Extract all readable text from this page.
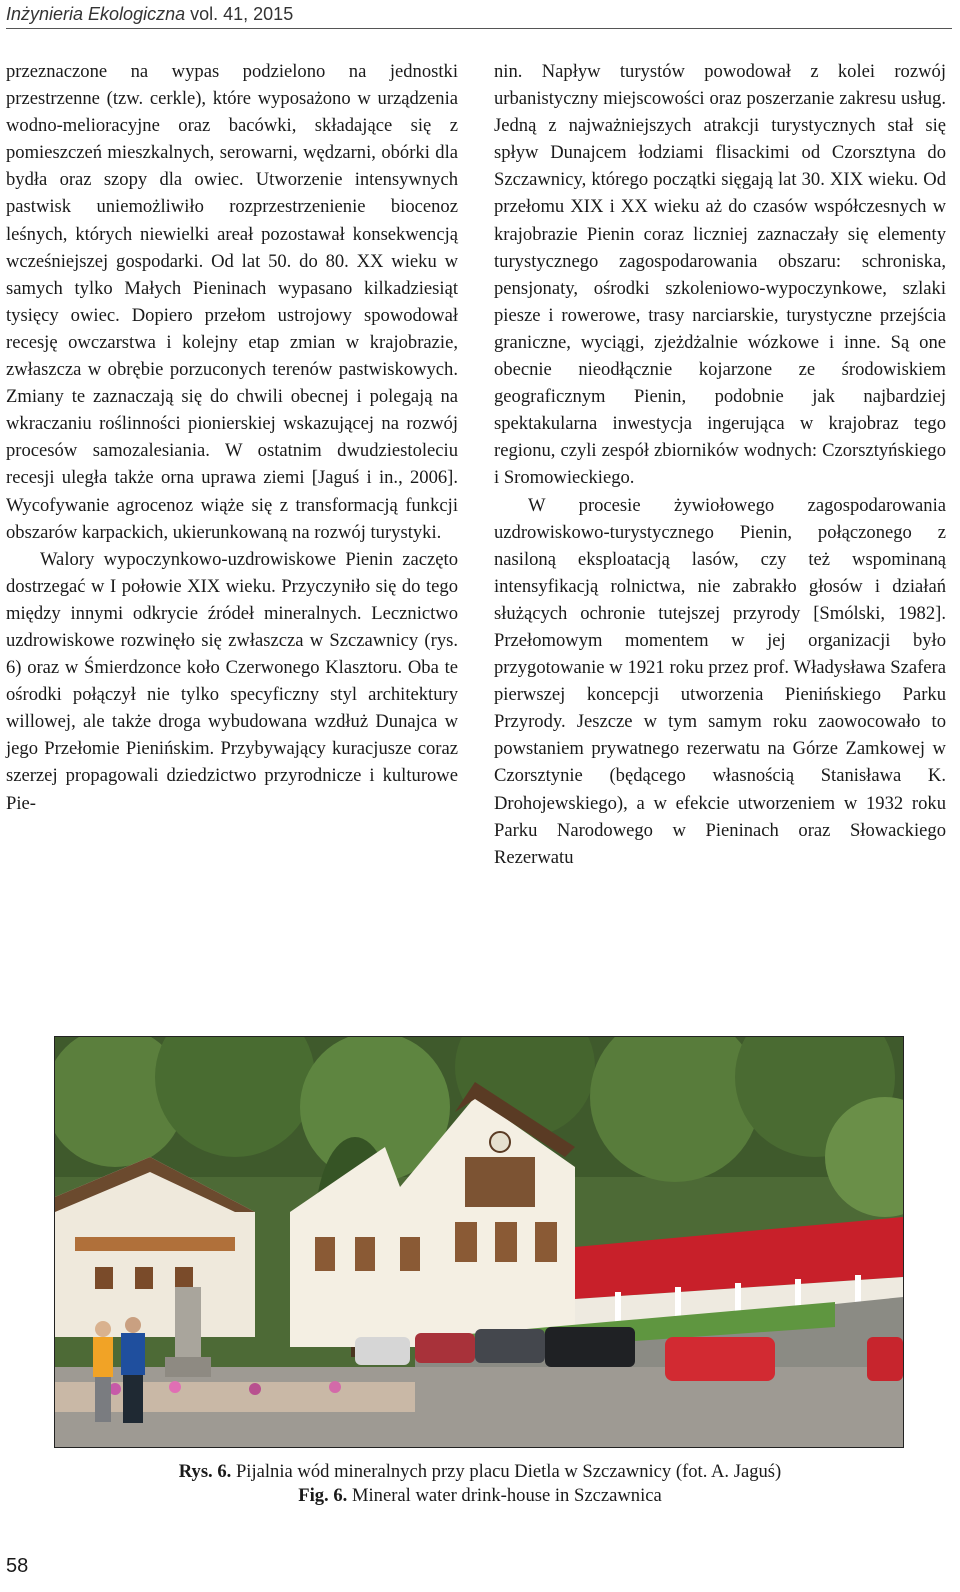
Inżynieria Ekologiczna vol. 41, 2015

przeznaczone na wypas podzielono na jednostki przestrzenne (tzw. cerkle), które wyposażono w urządzenia wodno-melioracyjne oraz bacówki, składające się z pomieszczeń mieszkalnych, serowarni, wędzarni, obórki dla bydła oraz szopy dla owiec. Utworzenie intensywnych pastwisk uniemożliwiło rozprzestrzenienie biocenoz leśnych, których niewielki areał pozostawał konsekwencją wcześniejszej gospodarki. Od lat 50. do 80. XX wieku w samych tylko Małych Pieninach wypasano kilkadziesiąt tysięcy owiec. Dopiero przełom ustrojowy spowodował recesję owczarstwa i kolejny etap zmian w krajobrazie, zwłaszcza w obrębie porzuconych terenów pastwiskowych. Zmiany te zaznaczają się do chwili obecnej i polegają na wkraczaniu roślinności pionierskiej wskazującej na rozwój procesów samozalesiania. W ostatnim dwudziestoleciu recesji uległa także orna uprawa ziemi [Jaguś i in., 2006]. Wycofywanie agrocenoz wiąże się z transformacją funkcji obszarów karpackich, ukierunkowaną na rozwój turystyki.

Walory wypoczynkowo-uzdrowiskowe Pienin zaczęto dostrzegać w I połowie XIX wieku. Przyczyniło się do tego między innymi odkrycie źródeł mineralnych. Lecznictwo uzdrowiskowe rozwinęło się zwłaszcza w Szczawnicy (rys. 6) oraz w Śmierdzonce koło Czerwonego Klasztoru. Oba te ośrodki połączył nie tylko specyficzny styl architektury willowej, ale także droga wybudowana wzdłuż Dunajca w jego Przełomie Pienińskim. Przybywający kuracjusze coraz szerzej propagowali dziedzictwo przyrodnicze i kulturowe Pie-

nin. Napływ turystów powodował z kolei rozwój urbanistyczny miejscowości oraz poszerzanie zakresu usług. Jedną z najważniejszych atrakcji turystycznych stał się spływ Dunajcem łodziami flisackimi od Czorsztyna do Szczawnicy, którego początki sięgają lat 30. XIX wieku. Od przełomu XIX i XX wieku aż do czasów współczesnych w krajobrazie Pienin coraz liczniej zaznaczały się elementy turystycznego zagospodarowania obszaru: schroniska, pensjonaty, ośrodki szkoleniowo-wypoczynkowe, szlaki piesze i rowerowe, trasy narciarskie, turystyczne przejścia graniczne, wyciągi, zjeżdżalnie wózkowe i inne. Są one obecnie nieodłącznie kojarzone ze środowiskiem geograficznym Pienin, podobnie jak najbardziej spektakularna inwestycja ingerująca w krajobraz tego regionu, czyli zespół zbiorników wodnych: Czorsztyńskiego i Sromowieckiego.

W procesie żywiołowego zagospodarowania uzdrowiskowo-turystycznego Pienin, połączonego z nasiloną eksploatacją lasów, czy też wspominaną intensyfikacją rolnictwa, nie zabrakło głosów i działań służących ochronie tutejszej przyrody [Smólski, 1982]. Przełomowym momentem w jej organizacji było przygotowanie w 1921 roku przez prof. Władysława Szafera pierwszej koncepcji utworzenia Pienińskiego Parku Przyrody. Jeszcze w tym samym roku zaowocowało to powstaniem prywatnego rezerwatu na Górze Zamkowej w Czorsztynie (będącego własnością Stanisława K. Drohojewskiego), a w efekcie utworzeniem w 1932 roku Parku Narodowego w Pieninach oraz Słowackiego Rezerwatu

Rys. 6. Pijalnia wód mineralnych przy placu Dietla w Szczawnicy (fot. A. Jaguś)
Fig. 6. Mineral water drink-house in Szczawnica
58
